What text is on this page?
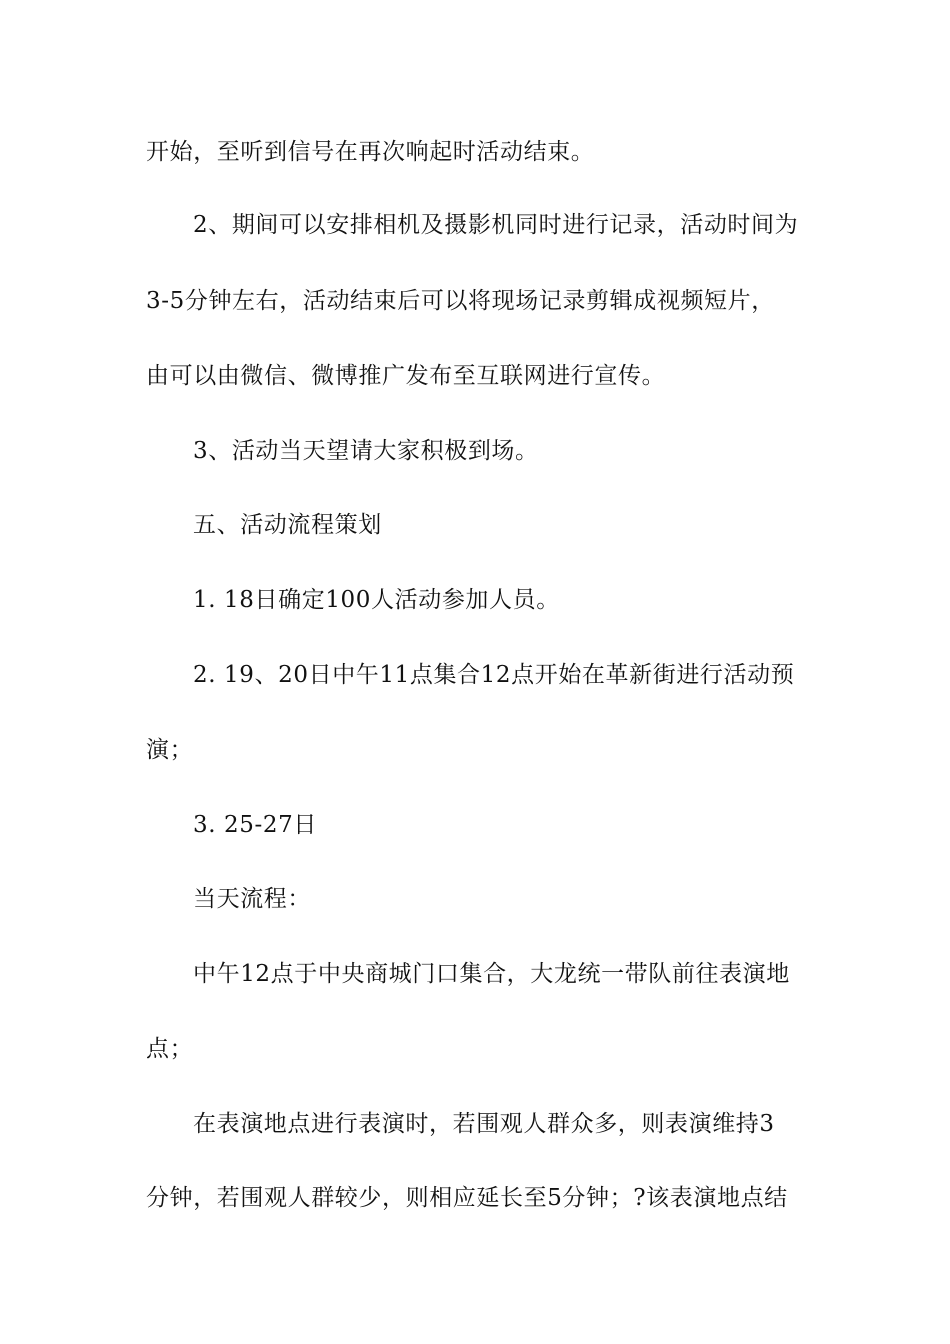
开始，至听到信号在再次响起时活动结束。
2、期间可以安排相机及摄影机同时进行记录，活动时间为
3-5分钟左右，活动结束后可以将现场记录剪辑成视频短片，
由可以由微信、微博推广发布至互联网进行宣传。
3、活动当天望请大家积极到场。
五、活动流程策划
1. 18日确定100人活动参加人员。
2. 19、20日中午11点集合12点开始在革新街进行活动预
演；
3. 25-27日
当天流程：
中午12点于中央商城门口集合，大龙统一带队前往表演地
点；
在表演地点进行表演时，若围观人群众多，则表演维持3
分钟，若围观人群较少，则相应延长至5分钟；?该表演地点结
